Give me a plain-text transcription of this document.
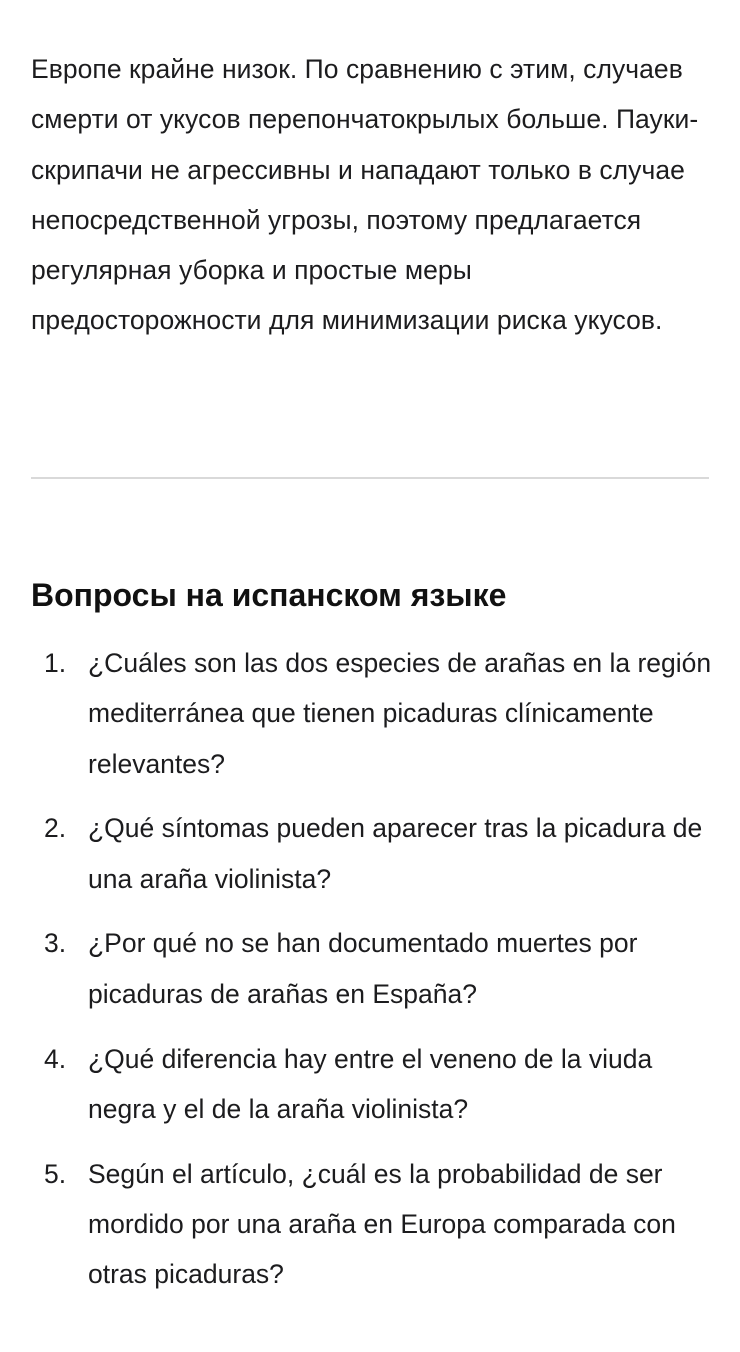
Европе крайне низок. По сравнению с этим, случаев смерти от укусов перепончатокрылых больше. Пауки-скрипачи не агрессивны и нападают только в случае непосредственной угрозы, поэтому предлагается регулярная уборка и простые меры предосторожности для минимизации риска укусов.

Вопросы на испанском языке
1. ¿Cuáles son las dos especies de arañas en la región mediterránea que tienen picaduras clínicamente relevantes?
2. ¿Qué síntomas pueden aparecer tras la picadura de una araña violinista?
3. ¿Por qué no se han documentado muertes por picaduras de arañas en España?
4. ¿Qué diferencia hay entre el veneno de la viuda negra y el de la araña violinista?
5. Según el artículo, ¿cuál es la probabilidad de ser mordido por una araña en Europa comparada con otras picaduras?
